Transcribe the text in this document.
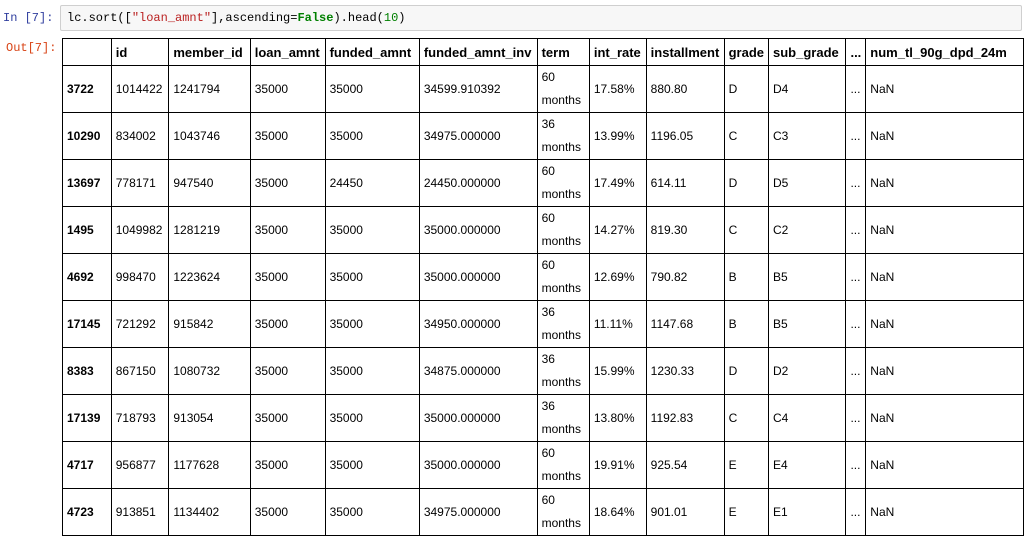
In [7]: lc.sort(["loan_amnt"],ascending=False).head(10)
Out[7]:
		id	member_id	loan_amnt	funded_amnt	funded_amnt_inv	term	int_rate	installment	grade	sub_grade	...	num_tl_90g_dpd_24m
3722	1014422	1241794	35000	35000	34599.910392	60 months	17.58%	880.80	D	D4	...	NaN
10290	834002	1043746	35000	35000	34975.000000	36 months	13.99%	1196.05	C	C3	...	NaN
13697	778171	947540	35000	24450	24450.000000	60 months	17.49%	614.11	D	D5	...	NaN
1495	1049982	1281219	35000	35000	35000.000000	60 months	14.27%	819.30	C	C2	...	NaN
4692	998470	1223624	35000	35000	35000.000000	60 months	12.69%	790.82	B	B5	...	NaN
17145	721292	915842	35000	35000	34950.000000	36 months	11.11%	1147.68	B	B5	...	NaN
8383	867150	1080732	35000	35000	34875.000000	36 months	15.99%	1230.33	D	D2	...	NaN
17139	718793	913054	35000	35000	35000.000000	36 months	13.80%	1192.83	C	C4	...	NaN
4717	956877	1177628	35000	35000	35000.000000	60 months	19.91%	925.54	E	E4	...	NaN
4723	913851	1134402	35000	35000	34975.000000	60 months	18.64%	901.01	E	E1	...	NaN
